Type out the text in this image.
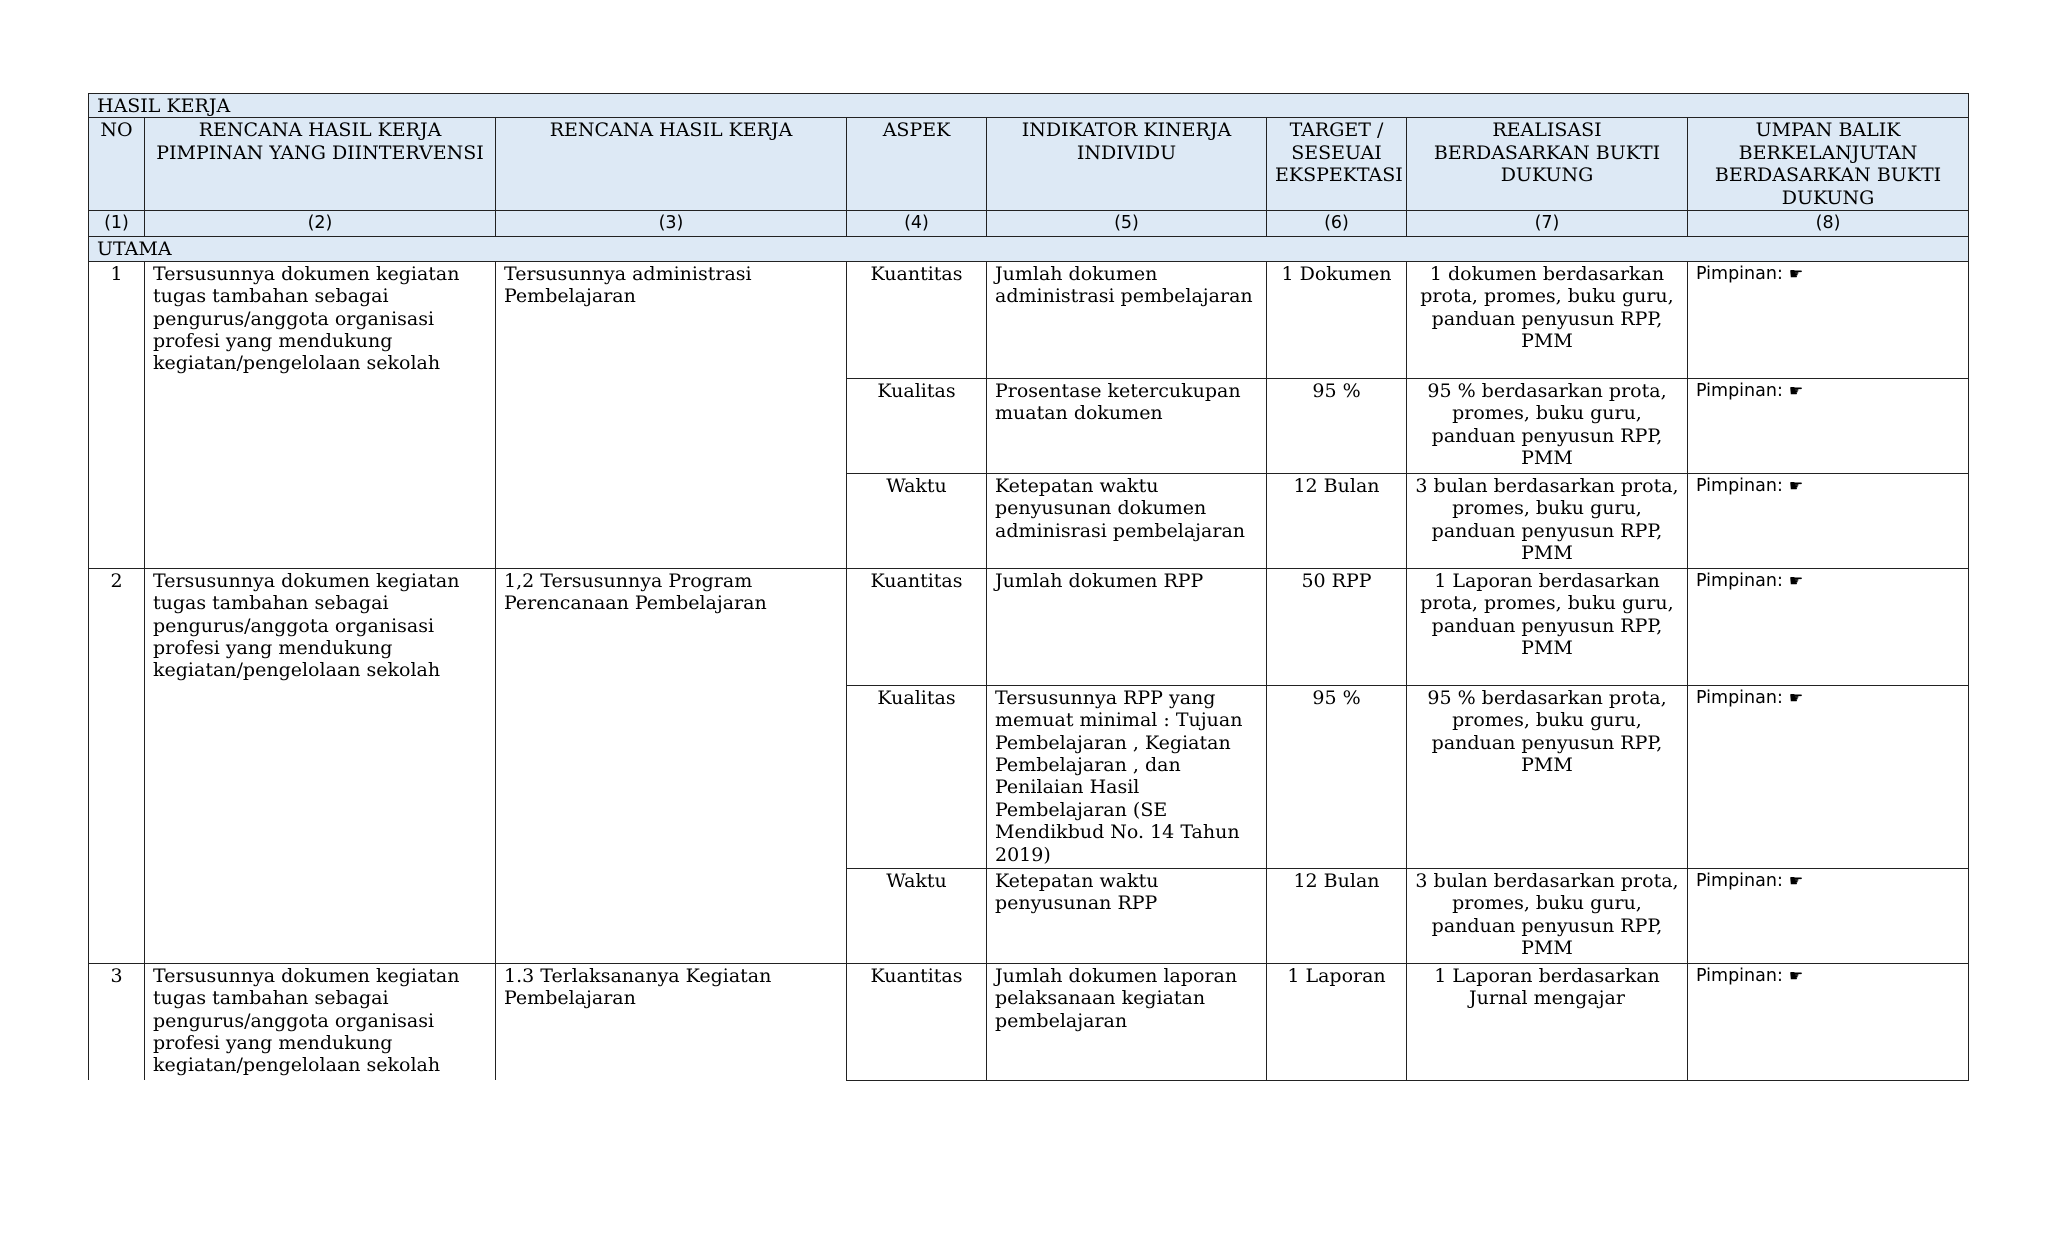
HASIL KERJA							
NO	RENCANA HASIL KERJA PIMPINAN YANG DIINTERVENSI	RENCANA HASIL KERJA	ASPEK	INDIKATOR KINERJA INDIVIDU	TARGET / SESEUAI EKSPEKTASI	REALISASI BERDASARKAN BUKTI DUKUNG	UMPAN BALIK BERKELANJUTAN BERDASARKAN BUKTI DUKUNG
(1)	(2)	(3)	(4)	(5)	(6)	(7)	(8)
UTAMA							
1	Tersusunnya dokumen kegiatan tugas tambahan sebagai pengurus/anggota organisasi profesi yang mendukung kegiatan/pengelolaan sekolah	Tersusunnya administrasi Pembelajaran	Kuantitas	Jumlah dokumen administrasi pembelajaran	1 Dokumen	1 dokumen berdasarkan prota, promes, buku guru, panduan penyusun RPP, PMM	Pimpinan: ☛
			Kualitas	Prosentase ketercukupan muatan dokumen	95 %	95 % berdasarkan prota, promes, buku guru, panduan penyusun RPP, PMM	Pimpinan: ☛
			Waktu	Ketepatan waktu penyusunan dokumen adminisrasi pembelajaran	12 Bulan	3 bulan berdasarkan prota, promes, buku guru, panduan penyusun RPP, PMM	Pimpinan: ☛
2	Tersusunnya dokumen kegiatan tugas tambahan sebagai pengurus/anggota organisasi profesi yang mendukung kegiatan/pengelolaan sekolah	1,2 Tersusunnya Program Perencanaan Pembelajaran	Kuantitas	Jumlah dokumen RPP	50 RPP	1 Laporan berdasarkan prota, promes, buku guru, panduan penyusun RPP, PMM	Pimpinan: ☛
			Kualitas	Tersusunnya RPP yang memuat minimal : Tujuan Pembelajaran , Kegiatan Pembelajaran , dan Penilaian Hasil Pembelajaran (SE Mendikbud No. 14 Tahun 2019)	95 %	95 % berdasarkan prota, promes, buku guru, panduan penyusun RPP, PMM	Pimpinan: ☛
			Waktu	Ketepatan waktu penyusunan RPP	12 Bulan	3 bulan berdasarkan prota, promes, buku guru, panduan penyusun RPP, PMM	Pimpinan: ☛
3	Tersusunnya dokumen kegiatan tugas tambahan sebagai pengurus/anggota organisasi profesi yang mendukung kegiatan/pengelolaan sekolah	1.3 Terlaksananya Kegiatan Pembelajaran	Kuantitas	Jumlah dokumen laporan pelaksanaan kegiatan pembelajaran	1 Laporan	1 Laporan berdasarkan Jurnal mengajar	Pimpinan: ☛
